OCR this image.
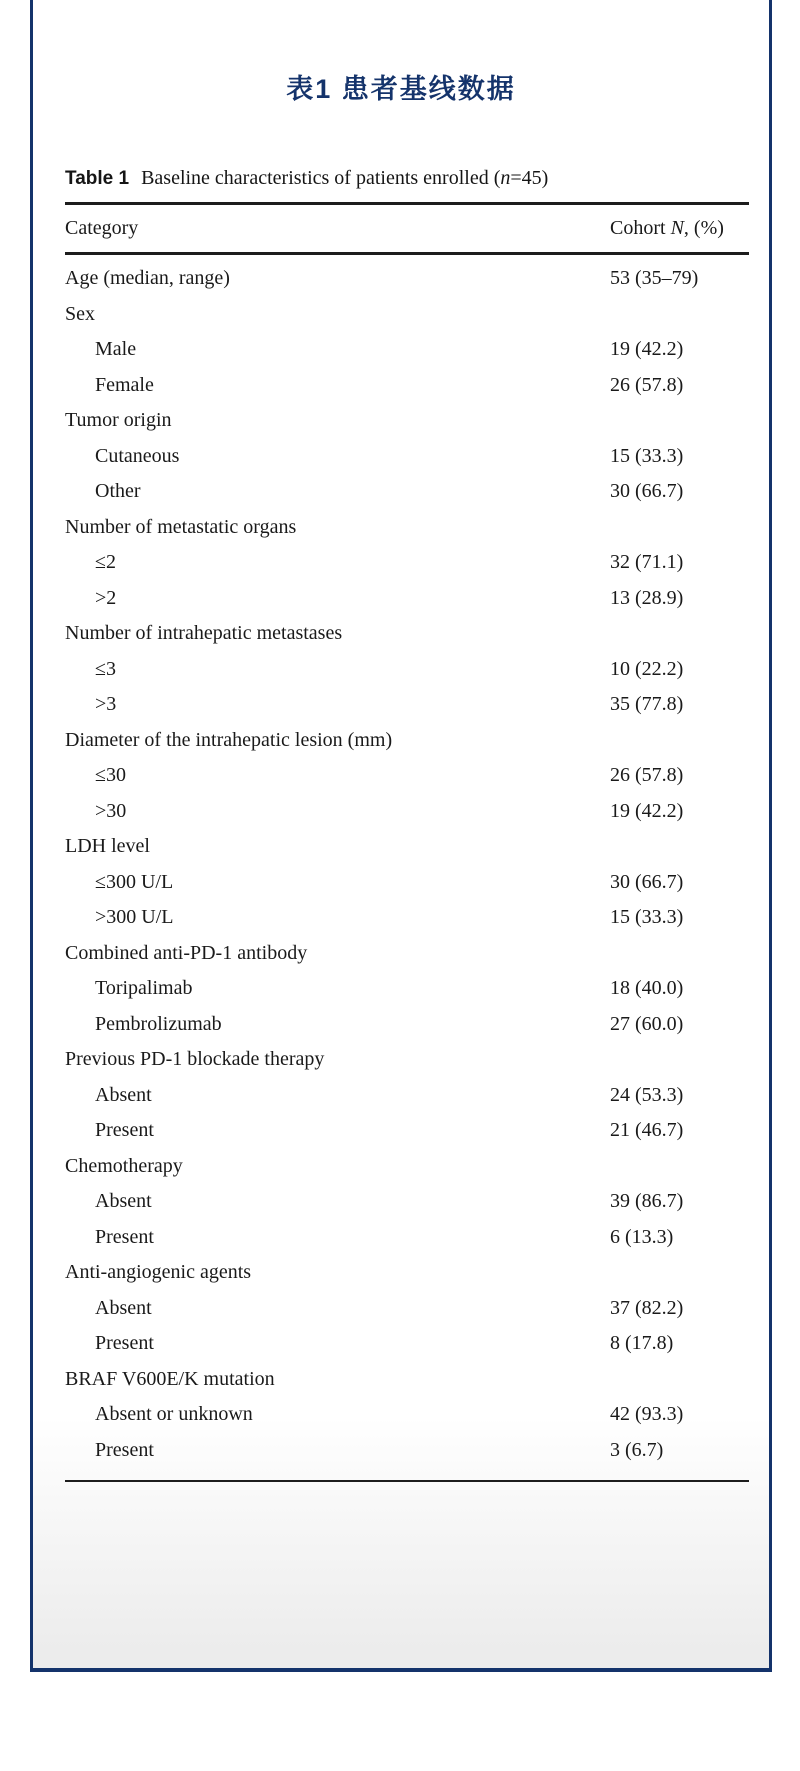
表1 患者基线数据
Table 1 Baseline characteristics of patients enrolled (n=45)
Category	Cohort N, (%)
Age (median, range)	53 (35–79)
Sex
Male	19 (42.2)
Female	26 (57.8)
Tumor origin
Cutaneous	15 (33.3)
Other	30 (66.7)
Number of metastatic organs
≤2	32 (71.1)
>2	13 (28.9)
Number of intrahepatic metastases
≤3	10 (22.2)
>3	35 (77.8)
Diameter of the intrahepatic lesion (mm)
≤30	26 (57.8)
>30	19 (42.2)
LDH level
≤300 U/L	30 (66.7)
>300 U/L	15 (33.3)
Combined anti-PD-1 antibody
Toripalimab	18 (40.0)
Pembrolizumab	27 (60.0)
Previous PD-1 blockade therapy
Absent	24 (53.3)
Present	21 (46.7)
Chemotherapy
Absent	39 (86.7)
Present	6 (13.3)
Anti-angiogenic agents
Absent	37 (82.2)
Present	8 (17.8)
BRAF V600E/K mutation
Absent or unknown	42 (93.3)
Present	3 (6.7)
